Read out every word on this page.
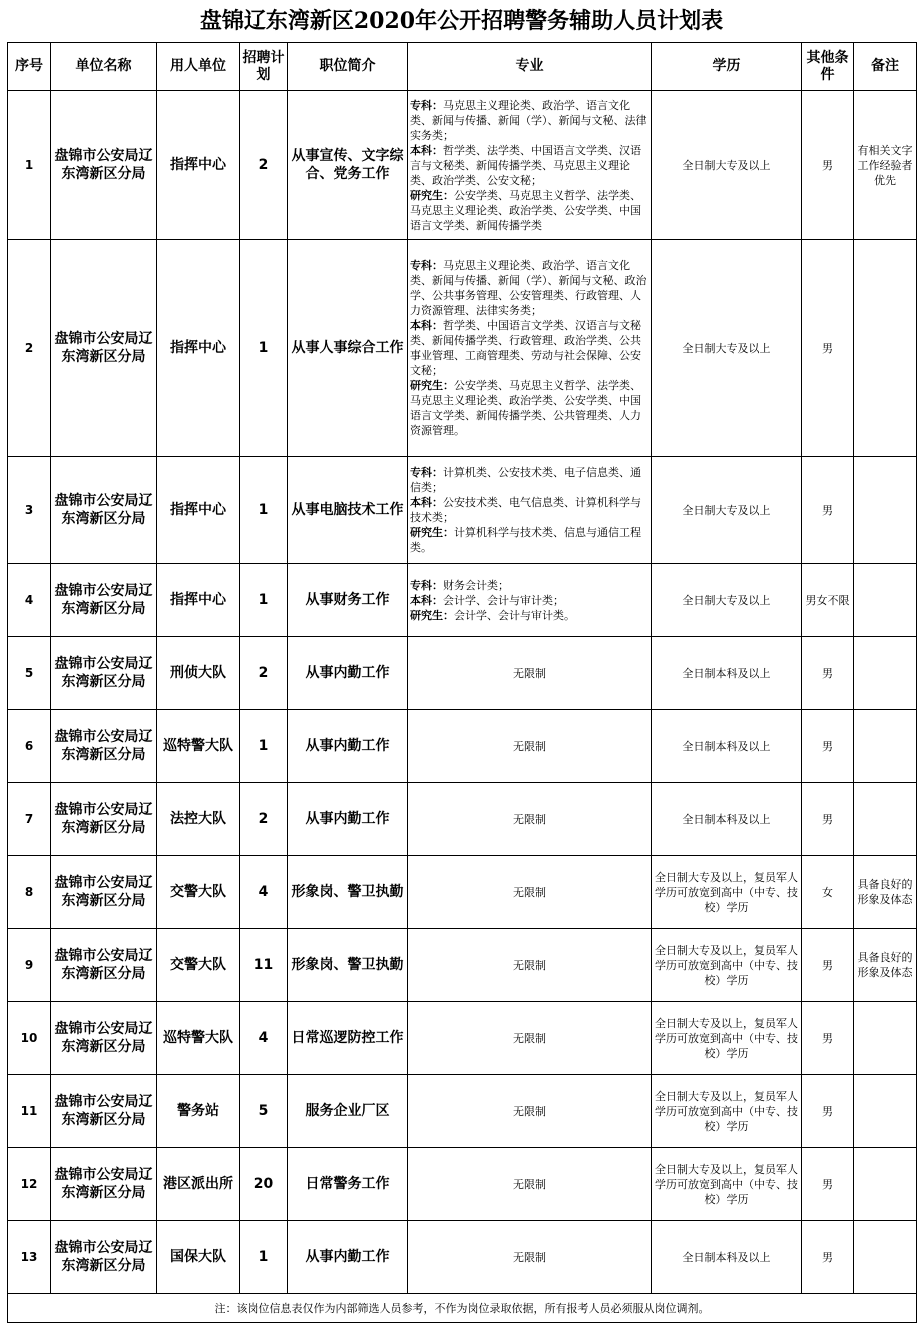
盘锦辽东湾新区2020年公开招聘警务辅助人员计划表
序号	单位名称	用人单位	招聘计划	职位简介	专业	学历	其他条件	备注
1	盘锦市公安局辽东湾新区分局	指挥中心	2	从事宣传、文字综合、党务工作	专科：马克思主义理论类、政治学、语言文化类、新闻与传播、新闻（学）、新闻与文秘、法律实务类；
本科：哲学类、法学类、中国语言文学类、汉语言与文秘类、新闻传播学类、马克思主义理论类、政治学类、公安文秘；
研究生：公安学类、马克思主义哲学、法学类、马克思主义理论类、政治学类、公安学类、中国语言文学类、新闻传播学类	全日制大专及以上	男	有相关文字工作经验者优先
2	盘锦市公安局辽东湾新区分局	指挥中心	1	从事人事综合工作	专科：马克思主义理论类、政治学、语言文化类、新闻与传播、新闻（学）、新闻与文秘、政治学、公共事务管理、公安管理类、行政管理、人力资源管理、法律实务类；
本科：哲学类、中国语言文学类、汉语言与文秘类、新闻传播学类、行政管理、政治学类、公共事业管理、工商管理类、劳动与社会保障、公安文秘；
研究生：公安学类、马克思主义哲学、法学类、马克思主义理论类、政治学类、公安学类、中国语言文学类、新闻传播学类、公共管理类、人力资源管理。	全日制大专及以上	男	
3	盘锦市公安局辽东湾新区分局	指挥中心	1	从事电脑技术工作	专科：计算机类、公安技术类、电子信息类、通信类；
本科：公安技术类、电气信息类、计算机科学与技术类；
研究生：计算机科学与技术类、信息与通信工程类。	全日制大专及以上	男	
4	盘锦市公安局辽东湾新区分局	指挥中心	1	从事财务工作	专科：财务会计类；
本科：会计学、会计与审计类；
研究生：会计学、会计与审计类。	全日制大专及以上	男女不限	
5	盘锦市公安局辽东湾新区分局	刑侦大队	2	从事内勤工作	无限制	全日制本科及以上	男	
6	盘锦市公安局辽东湾新区分局	巡特警大队	1	从事内勤工作	无限制	全日制本科及以上	男	
7	盘锦市公安局辽东湾新区分局	法控大队	2	从事内勤工作	无限制	全日制本科及以上	男	
8	盘锦市公安局辽东湾新区分局	交警大队	4	形象岗、警卫执勤	无限制	全日制大专及以上，复员军人学历可放宽到高中（中专、技校）学历	女	具备良好的形象及体态
9	盘锦市公安局辽东湾新区分局	交警大队	11	形象岗、警卫执勤	无限制	全日制大专及以上，复员军人学历可放宽到高中（中专、技校）学历	男	具备良好的形象及体态
10	盘锦市公安局辽东湾新区分局	巡特警大队	4	日常巡逻防控工作	无限制	全日制大专及以上，复员军人学历可放宽到高中（中专、技校）学历	男	
11	盘锦市公安局辽东湾新区分局	警务站	5	服务企业厂区	无限制	全日制大专及以上，复员军人学历可放宽到高中（中专、技校）学历	男	
12	盘锦市公安局辽东湾新区分局	港区派出所	20	日常警务工作	无限制	全日制大专及以上，复员军人学历可放宽到高中（中专、技校）学历	男	
13	盘锦市公安局辽东湾新区分局	国保大队	1	从事内勤工作	无限制	全日制本科及以上	男	
注：该岗位信息表仅作为内部筛选人员参考，不作为岗位录取依据，所有报考人员必须服从岗位调剂。								
